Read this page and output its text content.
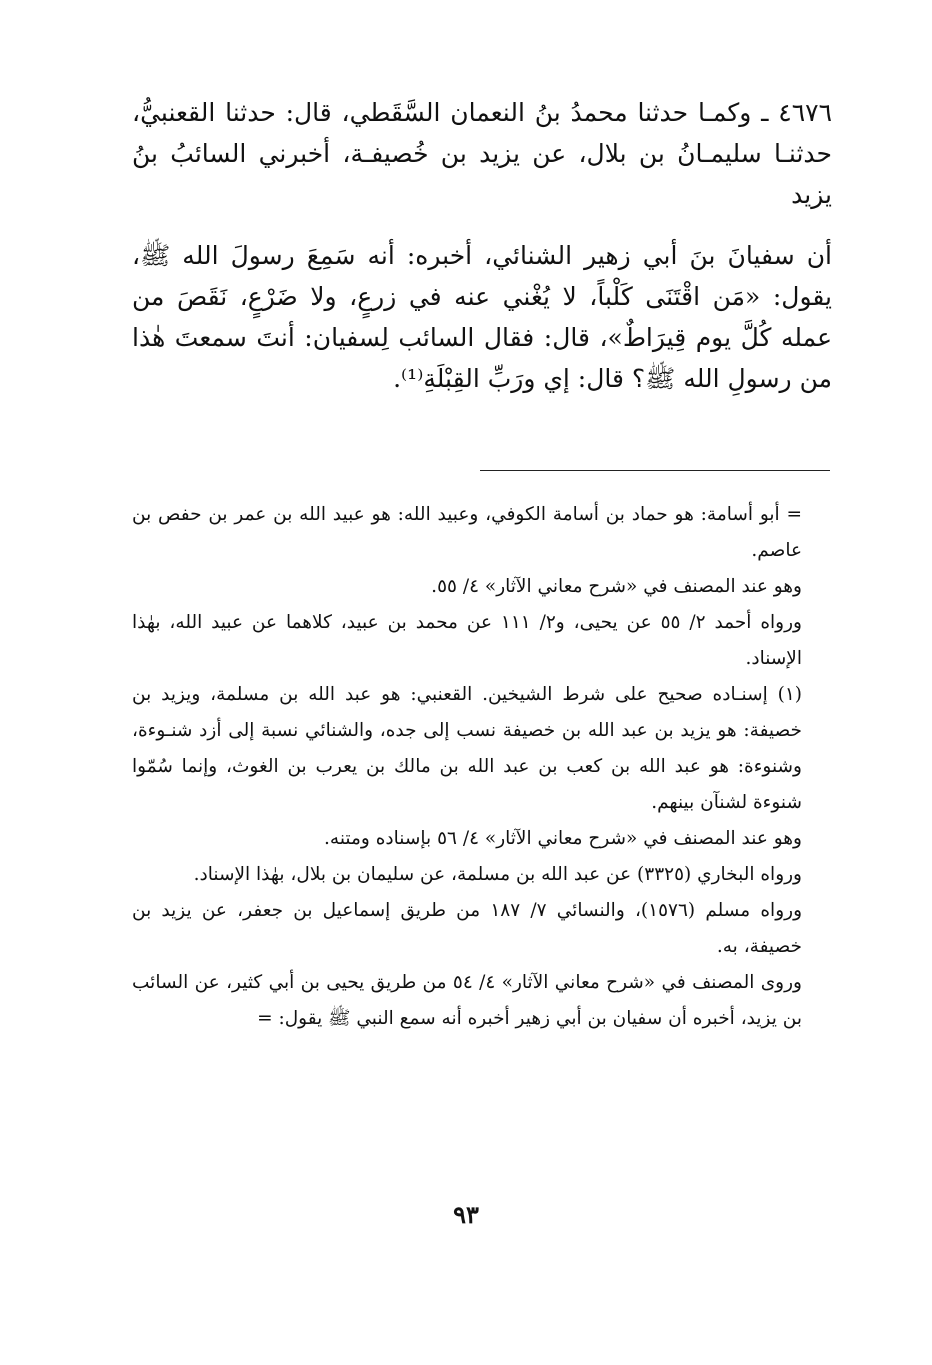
٤٦٧٦ ـ وكمـا حدثنا محمدُ بنُ النعمان السَّقَطي، قال: حدثنا القعنبيُّ، حدثنـا سليمـانُ بن بلال، عن يزيد بن خُصيفـة، أخبرني السائبُ بنُ يزيد

أن سفيانَ بنَ أبي زهير الشنائي، أخبره: أنه سَمِعَ رسولَ الله ﷺ، يقول: «مَن اقْتَنَى كَلْباً، لا يُغْني عنه في زرعٍ، ولا ضَرْعٍ، نَقَصَ من عمله كُلَّ يوم قِيرَاطٌ»، قال: فقال السائب لِسفيان: أنتَ سمعتَ هٰذا من رسولِ الله ﷺ؟ قال: إي ورَبِّ القِبْلَةِ⁽¹⁾.

= أبو أسامة: هو حماد بن أسامة الكوفي، وعبيد الله: هو عبيد الله بن عمر بن حفص بن عاصم.

وهو عند المصنف في «شرح معاني الآثار» ٤/ ٥٥.

ورواه أحمد ٢/ ٥٥ عن يحيى، و٢/ ١١١ عن محمد بن عبيد، كلاهما عن عبيد الله، بهٰذا الإسناد.

(١) إسنـاده صحيح على شرط الشيخين. القعنبي: هو عبد الله بن مسلمة، ويزيد بن خصيفة: هو يزيد بن عبد الله بن خصيفة نسب إلى جده، والشنائي نسبة إلى أزد شنـوءة، وشنوءة: هو عبد الله بن كعب بن عبد الله بن مالك بن يعرب بن الغوث، وإنما سُمّوا شنوءة لشنآن بينهم.

وهو عند المصنف في «شرح معاني الآثار» ٤/ ٥٦ بإسناده ومتنه.

ورواه البخاري (٣٣٢٥) عن عبد الله بن مسلمة، عن سليمان بن بلال، بهٰذا الإسناد.

ورواه مسلم (١٥٧٦)، والنسائي ٧/ ١٨٧ من طريق إسماعيل بن جعفر، عن يزيد بن خصيفة، به.

وروى المصنف في «شرح معاني الآثار» ٤/ ٥٤ من طريق يحيى بن أبي كثير، عن السائب بن يزيد، أخبره أن سفيان بن أبي زهير أخبره أنه سمع النبي ﷺ يقول: =

٩٣
